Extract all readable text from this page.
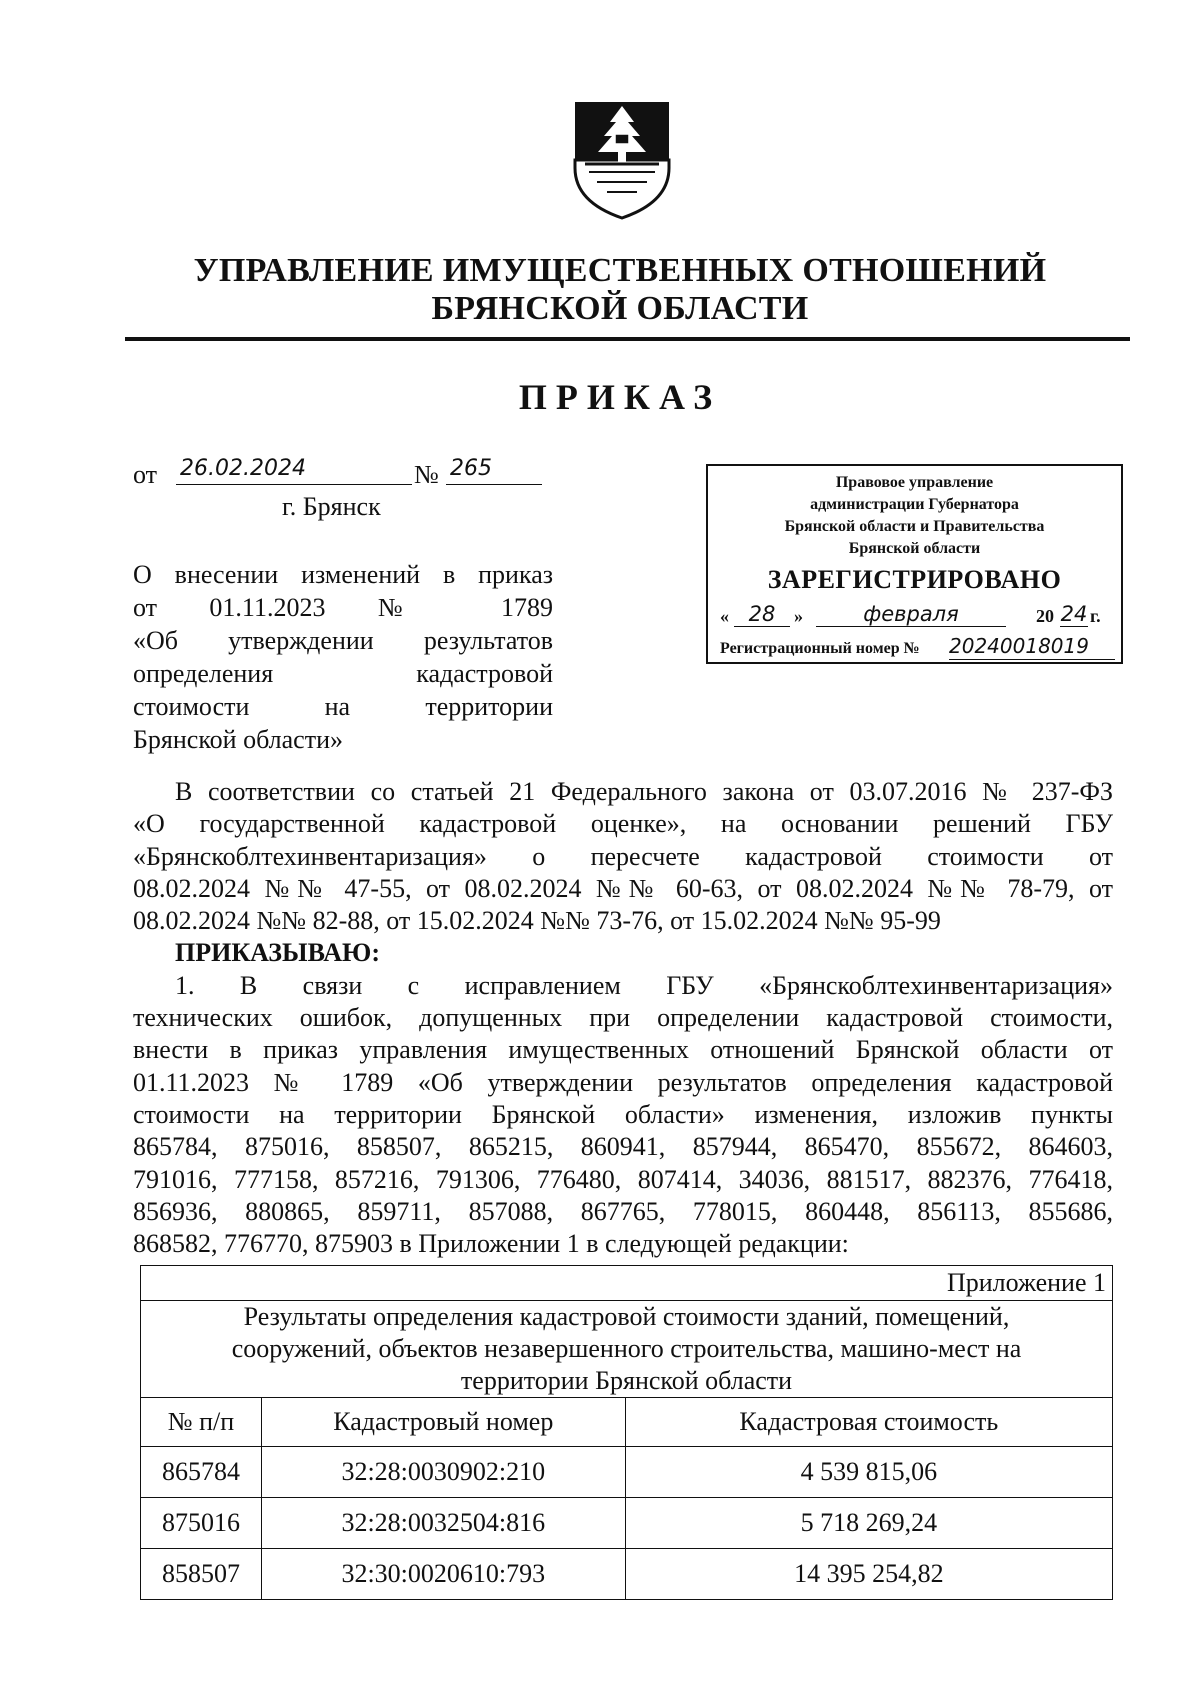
УПРАВЛЕНИЕ ИМУЩЕСТВЕННЫХ ОТНОШЕНИЙ
БРЯНСКОЙ ОБЛАСТИ
ПРИКАЗ
от 26.02.2024	№ 265
г. Брянск
О внесении изменений в приказ
от 01.11.2023 № 1789
«Об утверждении результатов
определения кадастровой
стоимости на территории
Брянской области»
Правовое управление
администрации Губернатора
Брянской области и Правительства
Брянской области
ЗАРЕГИСТРИРОВАНО
« 28	»	февраля	20 24 г.
Регистрационный номер № 20240018019
В соответствии со статьей 21 Федерального закона от 03.07.2016 № 237-ФЗ
«О государственной кадастровой оценке», на основании решений ГБУ
«Брянскоблтехинвентаризация» о пересчете кадастровой стоимости от
08.02.2024 №№ 47-55, от 08.02.2024 №№ 60-63, от 08.02.2024 №№ 78-79, от
08.02.2024 №№ 82-88, от 15.02.2024 №№ 73-76, от 15.02.2024 №№ 95-99
ПРИКАЗЫВАЮ:
1. В связи с исправлением ГБУ «Брянскоблтехинвентаризация»
технических ошибок, допущенных при определении кадастровой стоимости,
внести в приказ управления имущественных отношений Брянской области от
01.11.2023 № 1789 «Об утверждении результатов определения кадастровой
стоимости на территории Брянской области» изменения, изложив пункты
865784, 875016, 858507, 865215, 860941, 857944, 865470, 855672, 864603,
791016, 777158, 857216, 791306, 776480, 807414, 34036, 881517, 882376, 776418,
856936, 880865, 859711, 857088, 867765, 778015, 860448, 856113, 855686,
868582, 776770, 875903 в Приложении 1 в следующей редакции:
Приложение 1		

Результаты определения кадастровой стоимости зданий, помещений,
сооружений, объектов незавершенного строительства, машино-мест на
территории Брянской области		

№ п/п	Кадастровый номер	Кадастровая стоимость
865784	32:28:0030902:210	4 539 815,06
875016	32:28:0032504:816	5 718 269,24
858507	32:30:0020610:793	14 395 254,82
